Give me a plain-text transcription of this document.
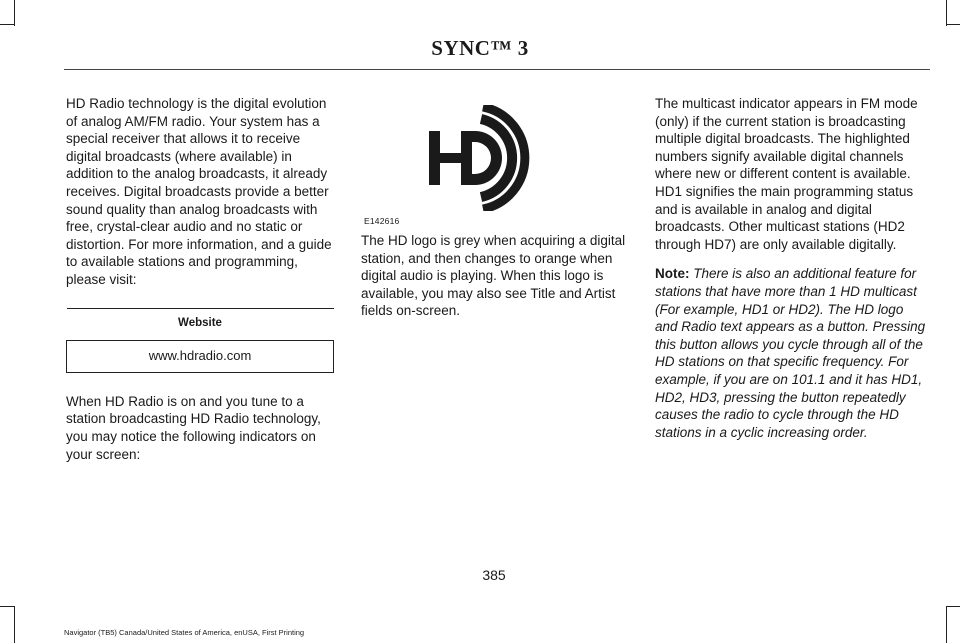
SYNC™ 3

HD Radio technology is the digital evolution of analog AM/FM radio. Your system has a special receiver that allows it to receive digital broadcasts (where available) in addition to the analog broadcasts, it already receives. Digital broadcasts provide a better sound quality than analog broadcasts with free, crystal-clear audio and no static or distortion. For more information, and a guide to available stations and programming, please visit:

Website
www.hdradio.com

When HD Radio is on and you tune to a station broadcasting HD Radio technology, you may notice the following indicators on your screen:

E142616

The HD logo is grey when acquiring a digital station, and then changes to orange when digital audio is playing. When this logo is available, you may also see Title and Artist fields on-screen.

The multicast indicator appears in FM mode (only) if the current station is broadcasting multiple digital broadcasts. The highlighted numbers signify available digital channels where new or different content is available. HD1 signifies the main programming status and is available in analog and digital broadcasts. Other multicast stations (HD2 through HD7) are only available digitally.

Note: There is also an additional feature for stations that have more than 1 HD multicast (For example, HD1 or HD2). The HD logo and Radio text appears as a button. Pressing this button allows you cycle through all of the HD stations on that specific frequency. For example, if you are on 101.1 and it has HD1, HD2, HD3, pressing the button repeatedly causes the radio to cycle through the HD stations in a cyclic increasing order.

385
Navigator (TB5) Canada/United States of America, enUSA, First Printing
